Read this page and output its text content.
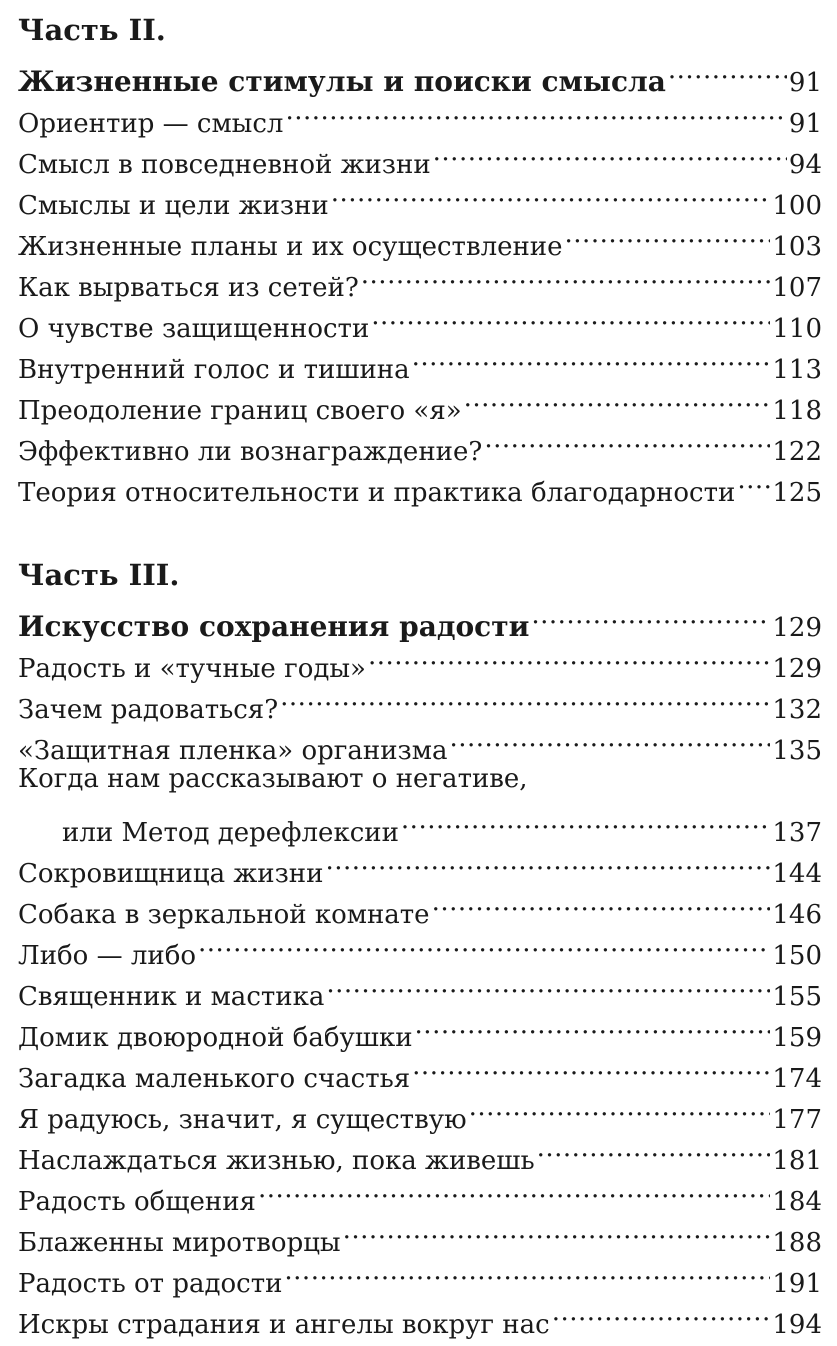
Часть II.
Жизненные стимулы и поиски смысла .....	91
Ориентир — смысл .....	91
Смысл в повседневной жизни .....	94
Смыслы и цели жизни .....	100
Жизненные планы и их осуществление .....	103
Как вырваться из сетей? .....	107
О чувстве защищенности .....	110
Внутренний голос и тишина .....	113
Преодоление границ своего «я» .....	118
Эффективно ли вознаграждение? .....	122
Теория относительности и практика благодарности ..... 125
Часть III.
Искусство сохранения радости .....	129
Радость и «тучные годы» .....	129
Зачем радоваться? .....	132
«Защитная пленка» организма .....	135
Когда нам рассказывают о негативе,
или Метод дерефлексии .....	137
Сокровищница жизни .....	144
Собака в зеркальной комнате .....	146
Либо — либо .....	150
Священник и мастика .....	155
Домик двоюродной бабушки .....	159
Загадка маленького счастья .....	174
Я радуюсь, значит, я существую .....	177
Наслаждаться жизнью, пока живешь .....	181
Радость общения .....	184
Блаженны миротворцы .....	188
Радость от радости .....	191
Искры страдания и ангелы вокруг нас .....	194
